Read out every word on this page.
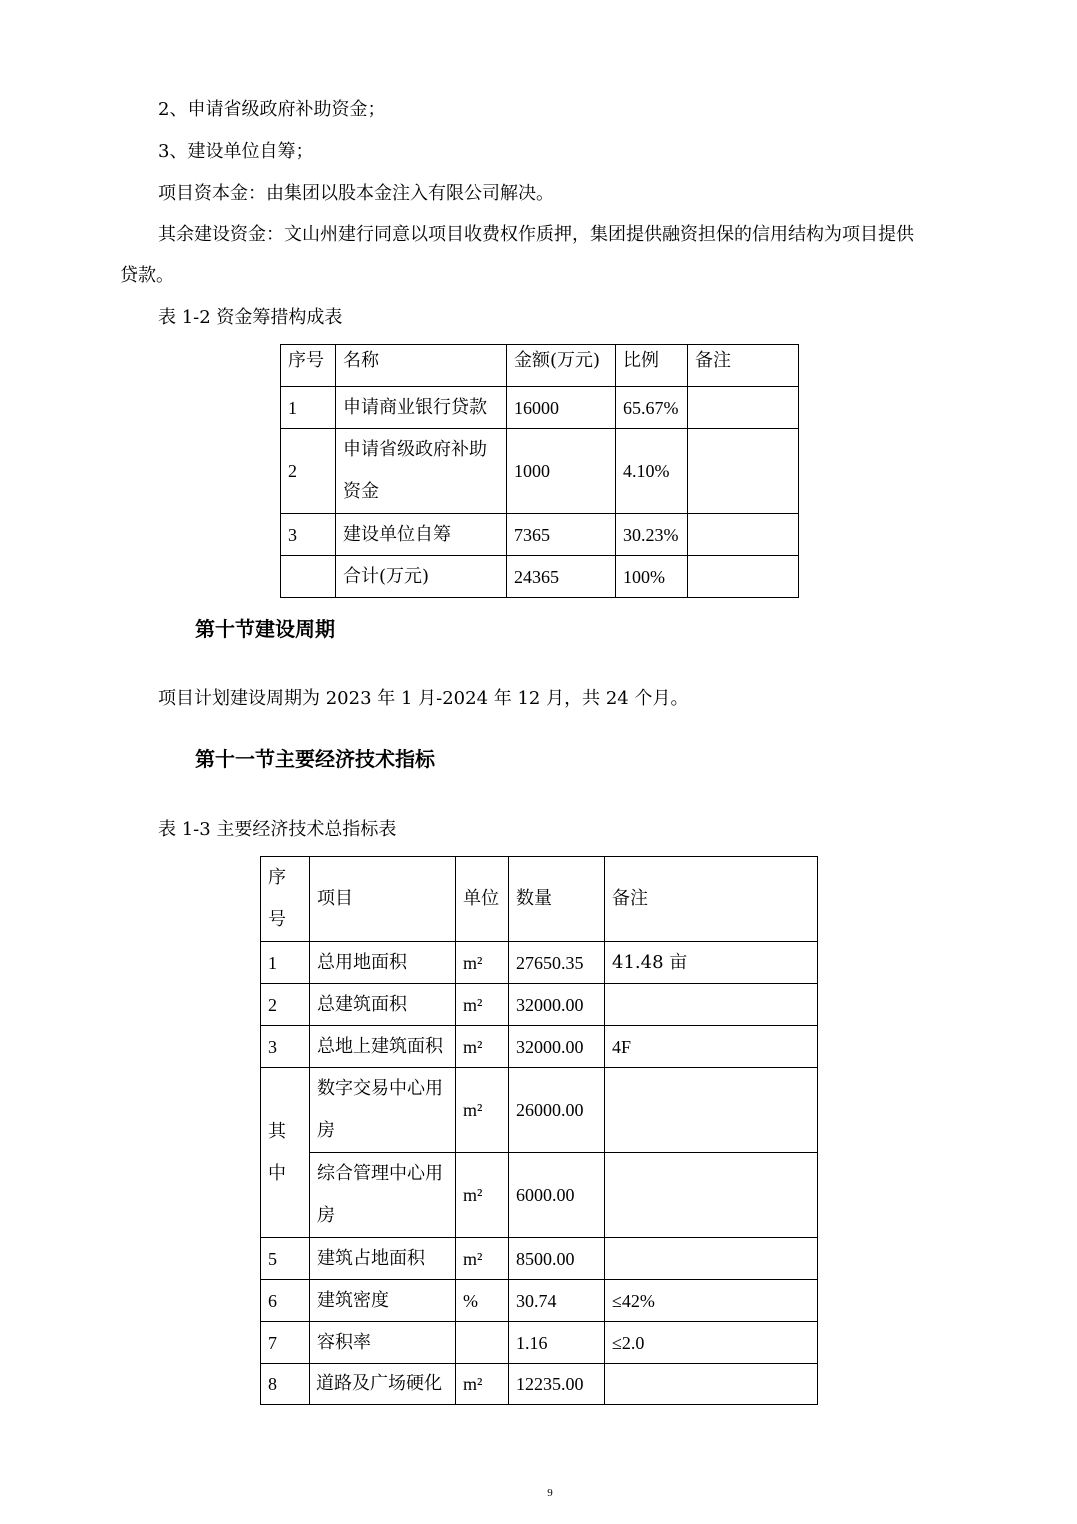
2、申请省级政府补助资金；
3、建设单位自筹；
项目资本金：由集团以股本金注入有限公司解决。
其余建设资金：文山州建行同意以项目收费权作质押，集团提供融资担保的信用结构为项目提供
贷款。
表 1-2 资金筹措构成表
序号	名称	金额(万元)	比例	备注
1	申请商业银行贷款	16000	65.67%	
2	申请省级政府补助资金	1000	4.10%	
3	建设单位自筹	7365	30.23%	
	合计(万元)	24365	100%	
第十节建设周期
项目计划建设周期为 2023 年 1 月-2024 年 12 月，共 24 个月。
第十一节主要经济技术指标
表 1-3 主要经济技术总指标表
序号	项目	单位	数量	备注
1	总用地面积	m²	27650.35	41.48 亩
2	总建筑面积	m²	32000.00	
3	总地上建筑面积	m²	32000.00	4F
其中	数字交易中心用房	m²	26000.00	
	综合管理中心用房	m²	6000.00	
5	建筑占地面积	m²	8500.00	
6	建筑密度	%	30.74	≤42%
7	容积率		1.16	≤2.0
8	道路及广场硬化	m²	12235.00	
9
